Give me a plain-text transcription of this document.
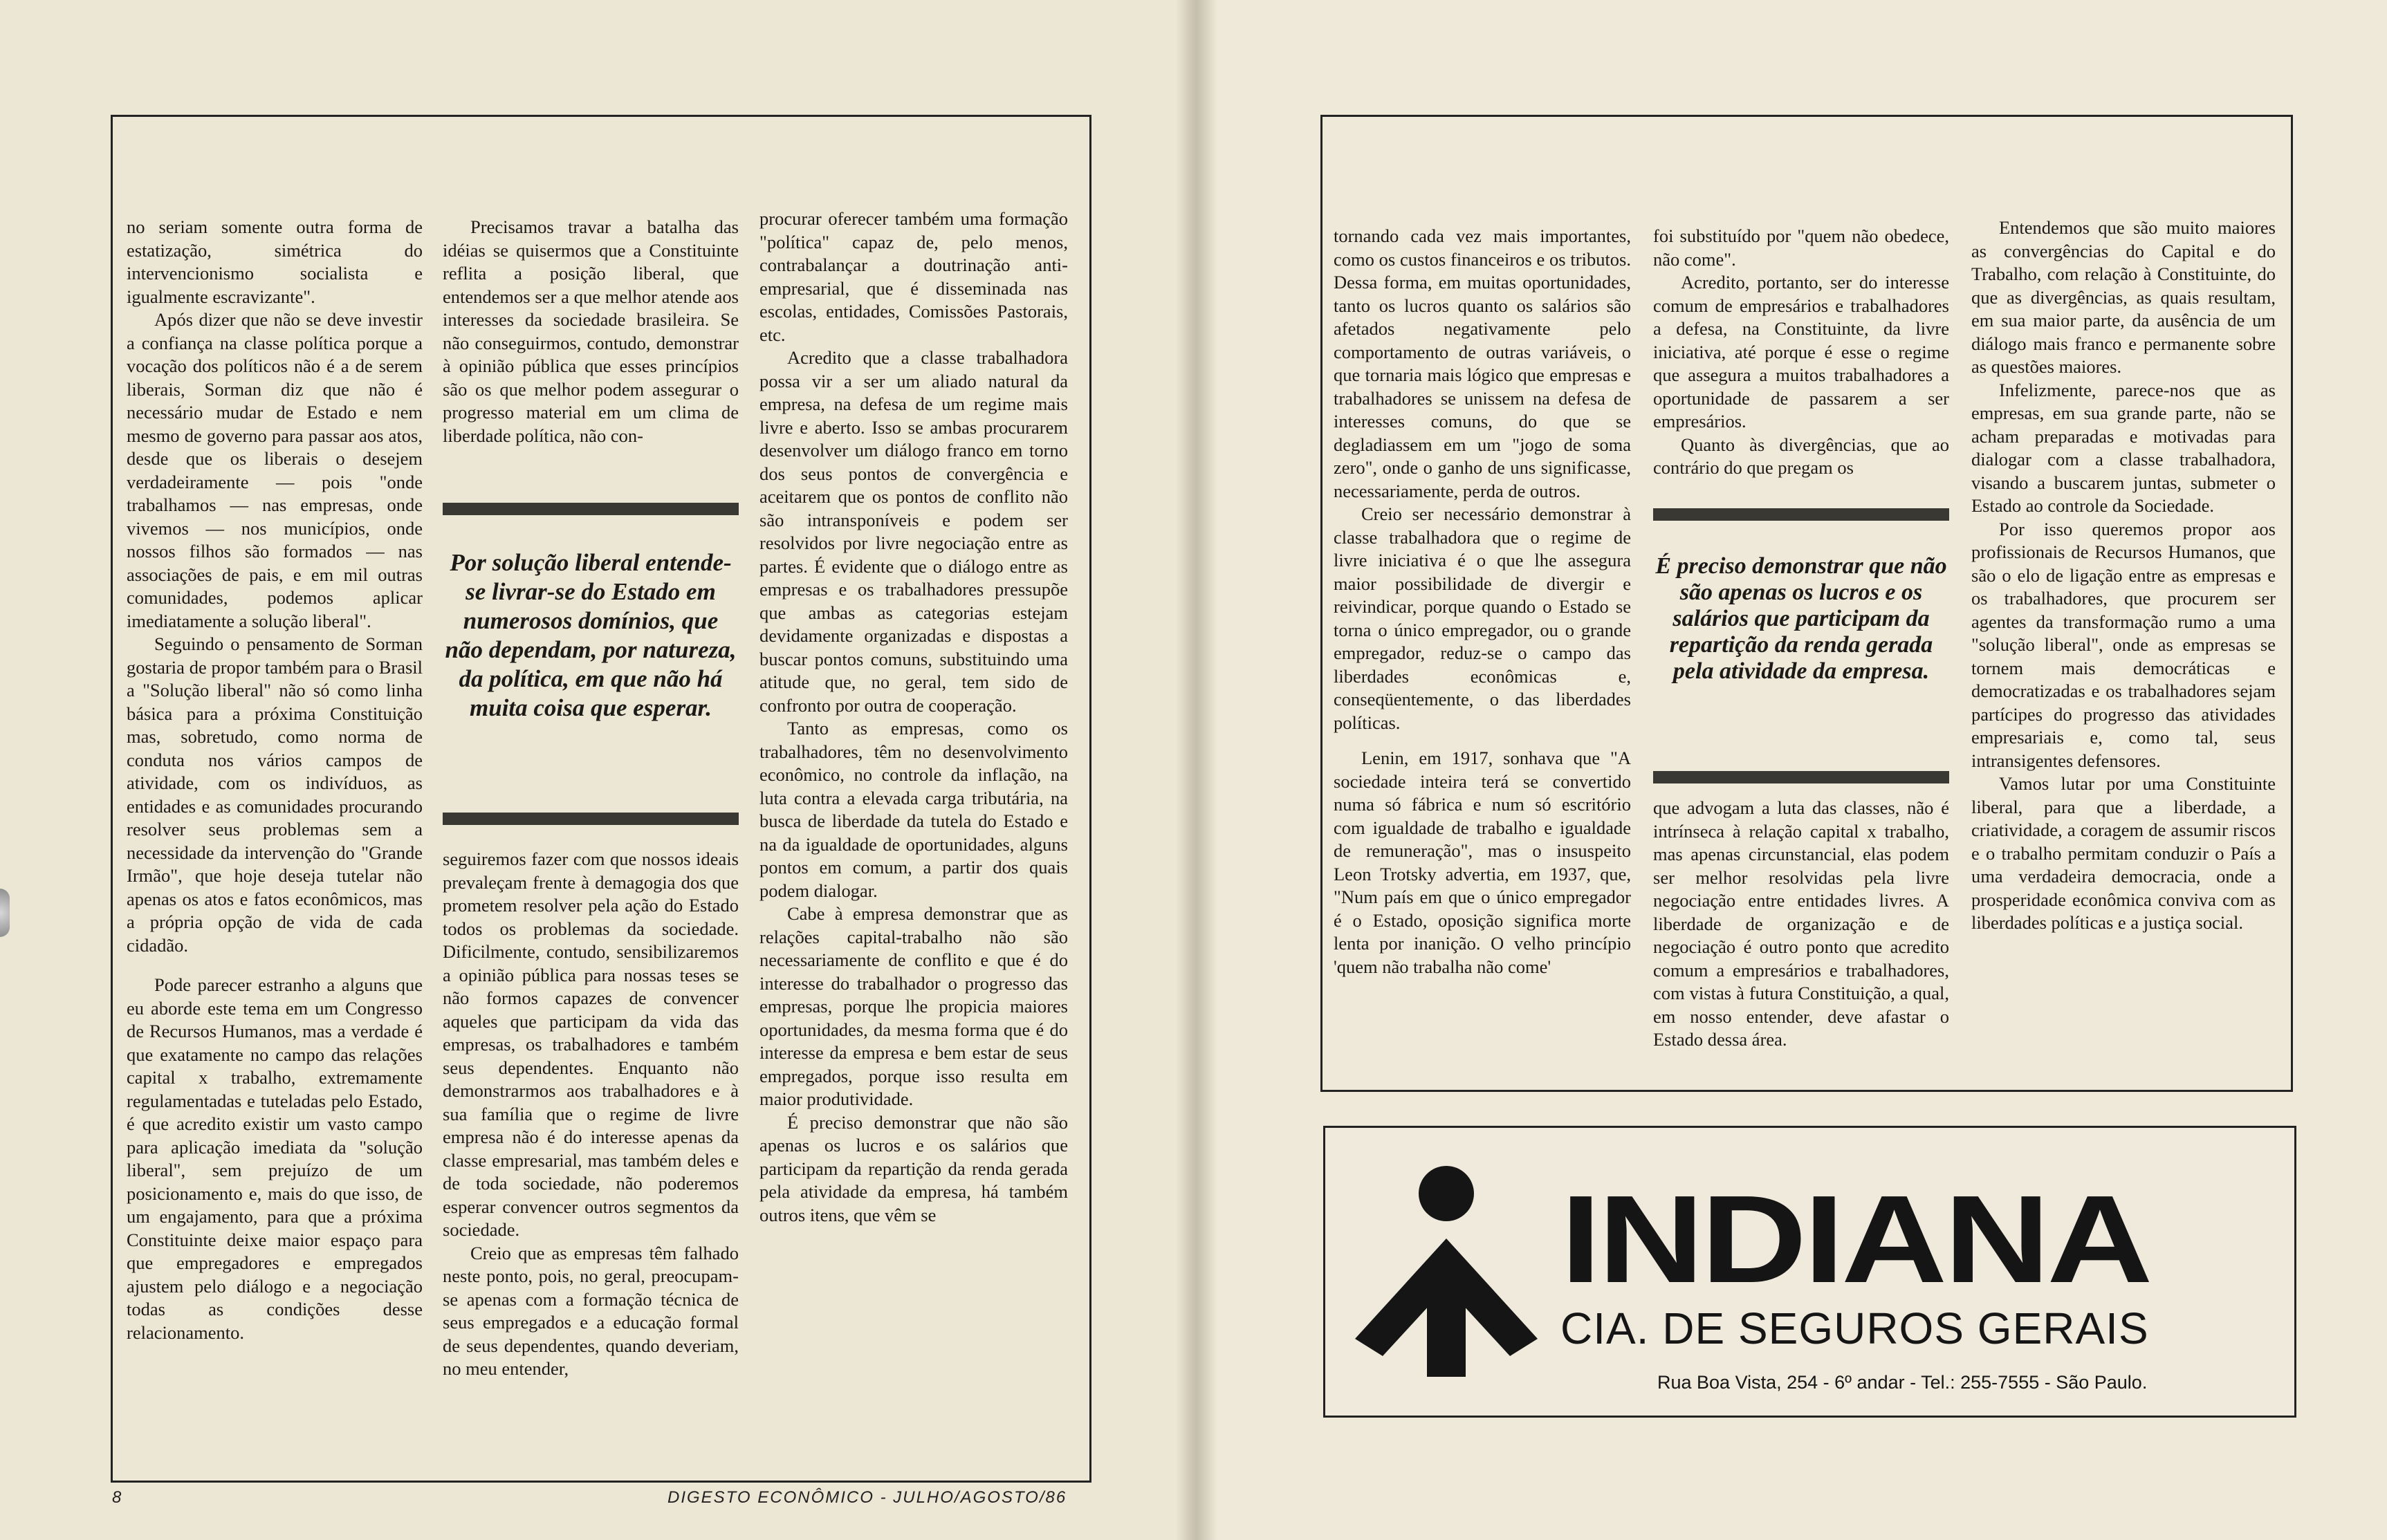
no seriam somente outra forma de estatização, simétrica do intervencionismo socialista e igualmente escravizante".

Após dizer que não se deve investir a confiança na classe política porque a vocação dos políticos não é a de serem liberais, Sorman diz que não é necessário mudar de Estado e nem mesmo de governo para passar aos atos, desde que os liberais o desejem verdadeiramente — pois "onde trabalhamos — nas empresas, onde vivemos — nos municípios, onde nossos filhos são formados — nas associações de pais, e em mil outras comunidades, podemos aplicar imediatamente a solução liberal".

Seguindo o pensamento de Sorman gostaria de propor também para o Brasil a "Solução liberal" não só como linha básica para a próxima Constituição mas, sobretudo, como norma de conduta nos vários campos de atividade, com os indivíduos, as entidades e as comunidades procurando resolver seus problemas sem a necessidade da intervenção do "Grande Irmão", que hoje deseja tutelar não apenas os atos e fatos econômicos, mas a própria opção de vida de cada cidadão.

Pode parecer estranho a alguns que eu aborde este tema em um Congresso de Recursos Humanos, mas a verdade é que exatamente no campo das relações capital x trabalho, extremamente regulamentadas e tuteladas pelo Estado, é que acredito existir um vasto campo para aplicação imediata da "solução liberal", sem prejuízo de um posicionamento e, mais do que isso, de um engajamento, para que a próxima Constituinte deixe maior espaço para que empregadores e empregados ajustem pelo diálogo e a negociação todas as condições desse relacionamento.

Precisamos travar a batalha das idéias se quisermos que a Constituinte reflita a posição liberal, que entendemos ser a que melhor atende aos interesses da sociedade brasileira. Se não conseguirmos, contudo, demonstrar à opinião pública que esses princípios são os que melhor podem assegurar o progresso material em um clima de liberdade política, não con-

Por solução liberal entende-se livrar-se do Estado em numerosos domínios, que não dependam, por natureza, da política, em que não há muita coisa que esperar.

seguiremos fazer com que nossos ideais prevaleçam frente à demagogia dos que prometem resolver pela ação do Estado todos os problemas da sociedade. Dificilmente, contudo, sensibilizaremos a opinião pública para nossas teses se não formos capazes de convencer aqueles que participam da vida das empresas, os trabalhadores e também seus dependentes. Enquanto não demonstrarmos aos trabalhadores e à sua família que o regime de livre empresa não é do interesse apenas da classe empresarial, mas também deles e de toda sociedade, não poderemos esperar convencer outros segmentos da sociedade.

Creio que as empresas têm falhado neste ponto, pois, no geral, preocupam-se apenas com a formação técnica de seus empregados e a educação formal de seus dependentes, quando deveriam, no meu entender,

procurar oferecer também uma formação "política" capaz de, pelo menos, contrabalançar a doutrinação anti-empresarial, que é disseminada nas escolas, entidades, Comissões Pastorais, etc.

Acredito que a classe trabalhadora possa vir a ser um aliado natural da empresa, na defesa de um regime mais livre e aberto. Isso se ambas procurarem desenvolver um diálogo franco em torno dos seus pontos de convergência e aceitarem que os pontos de conflito não são intransponíveis e podem ser resolvidos por livre negociação entre as partes. É evidente que o diálogo entre as empresas e os trabalhadores pressupõe que ambas as categorias estejam devidamente organizadas e dispostas a buscar pontos comuns, substituindo uma atitude que, no geral, tem sido de confronto por outra de cooperação.

Tanto as empresas, como os trabalhadores, têm no desenvolvimento econômico, no controle da inflação, na luta contra a elevada carga tributária, na busca de liberdade da tutela do Estado e na da igualdade de oportunidades, alguns pontos em comum, a partir dos quais podem dialogar.

Cabe à empresa demonstrar que as relações capital-trabalho não são necessariamente de conflito e que é do interesse do trabalhador o progresso das empresas, porque lhe propicia maiores oportunidades, da mesma forma que é do interesse da empresa e bem estar de seus empregados, porque isso resulta em maior produtividade.

É preciso demonstrar que não são apenas os lucros e os salários que participam da repartição da renda gerada pela atividade da empresa, há também outros itens, que vêm se

8	DIGESTO ECONÔMICO - JULHO/AGOSTO/86

tornando cada vez mais importantes, como os custos financeiros e os tributos. Dessa forma, em muitas oportunidades, tanto os lucros quanto os salários são afetados negativamente pelo comportamento de outras variáveis, o que tornaria mais lógico que empresas e trabalhadores se unissem na defesa de interesses comuns, do que se degladiassem em um "jogo de soma zero", onde o ganho de uns significasse, necessariamente, perda de outros.

Creio ser necessário demonstrar à classe trabalhadora que o regime de livre iniciativa é o que lhe assegura maior possibilidade de divergir e reivindicar, porque quando o Estado se torna o único empregador, ou o grande empregador, reduz-se o campo das liberdades econômicas e, conseqüentemente, o das liberdades políticas.

Lenin, em 1917, sonhava que "A sociedade inteira terá se convertido numa só fábrica e num só escritório com igualdade de trabalho e igualdade de remuneração", mas o insuspeito Leon Trotsky advertia, em 1937, que, "Num país em que o único empregador é o Estado, oposição significa morte lenta por inanição. O velho princípio 'quem não trabalha não come'

foi substituído por "quem não obedece, não come".

Acredito, portanto, ser do interesse comum de empresários e trabalhadores a defesa, na Constituinte, da livre iniciativa, até porque é esse o regime que assegura a muitos trabalhadores a oportunidade de passarem a ser empresários.

Quanto às divergências, que ao contrário do que pregam os

É preciso demonstrar que não são apenas os lucros e os salários que participam da repartição da renda gerada pela atividade da empresa.

que advogam a luta das classes, não é intrínseca à relação capital x trabalho, mas apenas circunstancial, elas podem ser melhor resolvidas pela livre negociação entre entidades livres. A liberdade de organização e de negociação é outro ponto que acredito comum a empresários e trabalhadores, com vistas à futura Constituição, a qual, em nosso entender, deve afastar o Estado dessa área.

Entendemos que são muito maiores as convergências do Capital e do Trabalho, com relação à Constituinte, do que as divergências, as quais resultam, em sua maior parte, da ausência de um diálogo mais franco e permanente sobre as questões maiores.

Infelizmente, parece-nos que as empresas, em sua grande parte, não se acham preparadas e motivadas para dialogar com a classe trabalhadora, visando a buscarem juntas, submeter o Estado ao controle da Sociedade.

Por isso queremos propor aos profissionais de Recursos Humanos, que são o elo de ligação entre as empresas e os trabalhadores, que procurem ser agentes da transformação rumo a uma "solução liberal", onde as empresas se tornem mais democráticas e democratizadas e os trabalhadores sejam partícipes do progresso das atividades empresariais e, como tal, seus intransigentes defensores.

Vamos lutar por uma Constituinte liberal, para que a liberdade, a criatividade, a coragem de assumir riscos e o trabalho permitam conduzir o País a uma verdadeira democracia, onde a prosperidade econômica conviva com as liberdades políticas e a justiça social.

INDIANA
CIA. DE SEGUROS GERAIS
Rua Boa Vista, 254 - 6º andar - Tel.: 255-7555 - São Paulo.
